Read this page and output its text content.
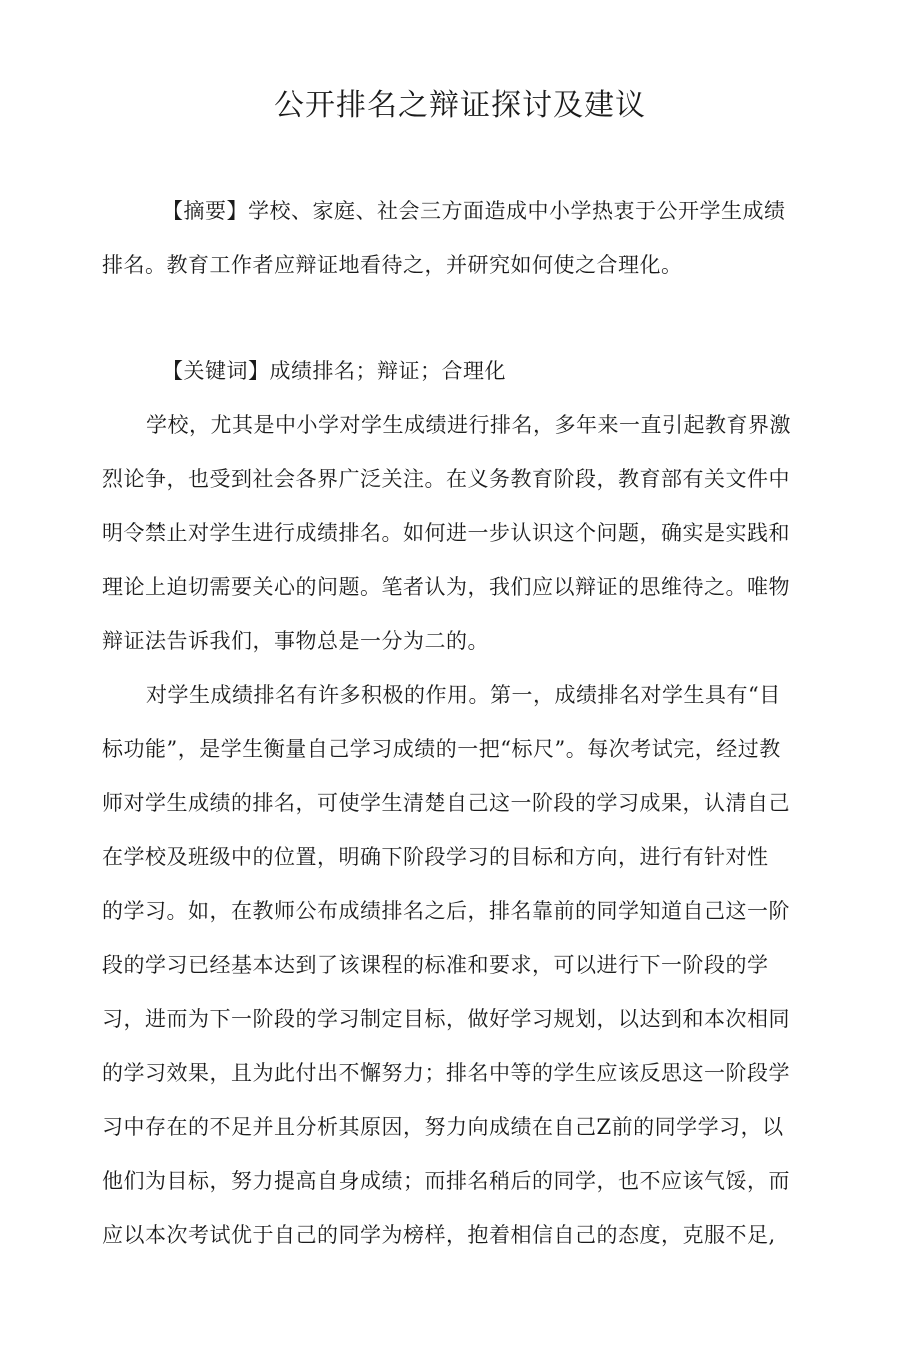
公开排名之辩证探讨及建议
【摘要】学校、家庭、社会三方面造成中小学热衷于公开学生成绩
排名。教育工作者应辩证地看待之，并研究如何使之合理化。
【关键词】成绩排名；辩证；合理化
学校，尤其是中小学对学生成绩进行排名，多年来一直引起教育界激
烈论争，也受到社会各界广泛关注。在义务教育阶段，教育部有关文件中
明令禁止对学生进行成绩排名。如何进一步认识这个问题，确实是实践和
理论上迫切需要关心的问题。笔者认为，我们应以辩证的思维待之。唯物
辩证法告诉我们，事物总是一分为二的。
对学生成绩排名有许多积极的作用。第一，成绩排名对学生具有“目
标功能”，是学生衡量自己学习成绩的一把“标尺”。每次考试完，经过教
师对学生成绩的排名，可使学生清楚自己这一阶段的学习成果，认清自己
在学校及班级中的位置，明确下阶段学习的目标和方向，进行有针对性
的学习。如，在教师公布成绩排名之后，排名靠前的同学知道自己这一阶
段的学习已经基本达到了该课程的标准和要求，可以进行下一阶段的学
习，进而为下一阶段的学习制定目标，做好学习规划，以达到和本次相同
的学习效果，且为此付出不懈努力；排名中等的学生应该反思这一阶段学
习中存在的不足并且分析其原因，努力向成绩在自己Z前的同学学习，以
他们为目标，努力提高自身成绩；而排名稍后的同学，也不应该气馁，而
应以本次考试优于自己的同学为榜样，抱着相信自己的态度，克服不足,
